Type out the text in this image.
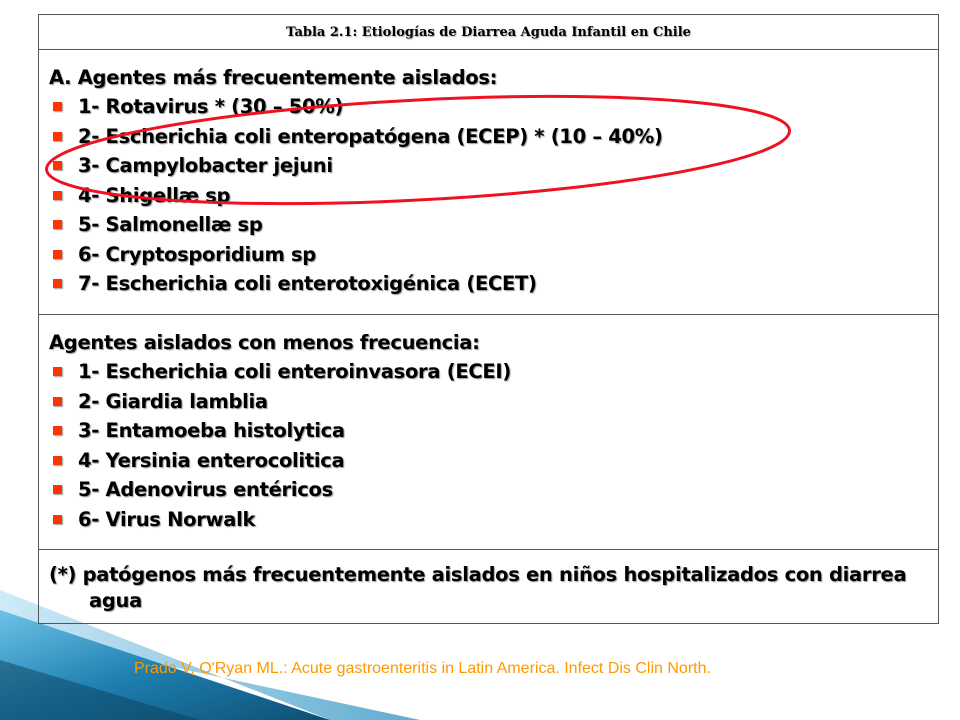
Tabla 2.1: Etiologías de Diarrea Aguda Infantil en Chile
A. Agentes más frecuentemente aislados:
1- Rotavirus * (30 – 50%)
2- Escherichia coli enteropatógena (ECEP) * (10 – 40%)
3- Campylobacter jejuni
4- Shigellæ sp
5- Salmonellæ sp
6- Cryptosporidium sp
7- Escherichia coli enterotoxigénica (ECET)
Agentes aislados con menos frecuencia:
1- Escherichia coli enteroinvasora (ECEI)
2- Giardia lamblia
3- Entamoeba histolytica
4- Yersinia enterocolitica
5- Adenovirus entéricos
6- Virus Norwalk
(*) patógenos más frecuentemente aislados en niños hospitalizados con diarrea
agua
Prado V, O'Ryan ML.: Acute gastroenteritis in Latin America. Infect Dis Clin North.
